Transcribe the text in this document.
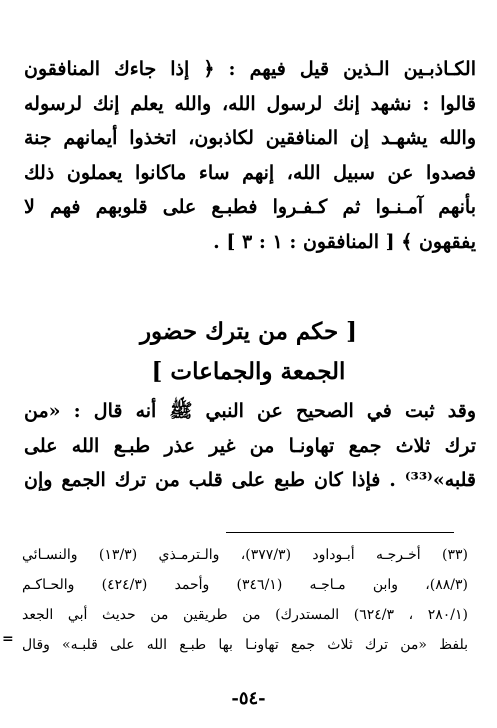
الكـاذبـين الـذين قيل فيهم : ﴿ إذا جاءك المنافقون
قالوا : نشهد إنك لرسول الله، والله يعلم إنك لرسوله
والله يشهـد إن المنافقين لكاذبون، اتخذوا أيمانهم جنة
فصدوا عن سبيل الله، إنهم ساء ماكانوا يعملون ذلك
بأنهم آمـنـوا ثم كـفـروا فطبـع على قلوبهم فهم لا
يفقهون ﴾ [ المنافقون : ١ : ٣ ] .
[ حكم من يترك حضور
الجمعة والجماعات ]
وقد ثبت في الصحيح عن النبي ﷺ أنه قال : «من
ترك ثلاث جمع تهاونـا من غير عذر طبـع الله على
قلبه»⁽³³⁾ . فإذا كان طبع على قلب من ترك الجمع وإن
(٣٣) أخـرجـه أبـوداود (٣٧٧/٣)، والـترمـذي (١٣/٣) والنسـائي
(٨٨/٣)، وابن مـاجـه (٣٤٦/١) وأحمد (٤٢٤/٣) والحـاكـم
(٢٨٠/١ ، ٦٢٤/٣) المستدرك) من طريقين من حديث أبي الجعد
بلفظ «من ترك ثلاث جمع تهاونـا بها طبـع الله على قلبـه» وقال
=
-٥٤-
